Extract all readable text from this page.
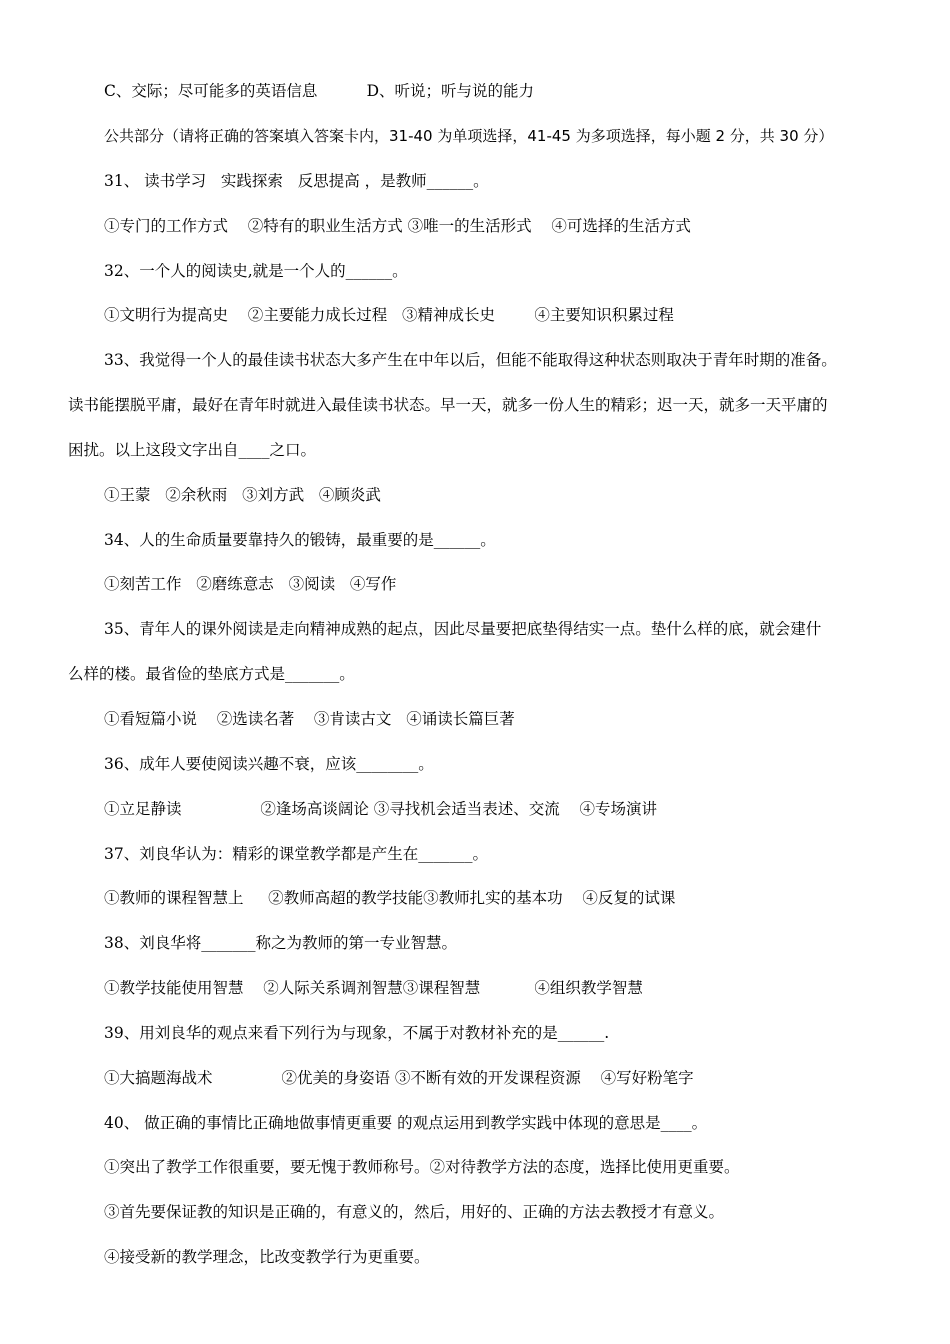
C、交际；尽可能多的英语信息          D、听说；听与说的能力
公共部分（请将正确的答案填入答案卡内，31-40 为单项选择，41-45 为多项选择，每小题 2 分，共 30 分）
31、 读书学习   实践探索   反思提高 ，是教师______。
①专门的工作方式    ②特有的职业生活方式 ③唯一的生活形式    ④可选择的生活方式
32、一个人的阅读史,就是一个人的______。
①文明行为提高史    ②主要能力成长过程   ③精神成长史        ④主要知识积累过程
33、我觉得一个人的最佳读书状态大多产生在中年以后，但能不能取得这种状态则取决于青年时期的准备。
读书能摆脱平庸，最好在青年时就进入最佳读书状态。早一天，就多一份人生的精彩；迟一天，就多一天平庸的
困扰。以上这段文字出自____之口。
①王蒙   ②余秋雨   ③刘方武   ④顾炎武
34、人的生命质量要靠持久的锻铸，最重要的是______。
①刻苦工作   ②磨练意志   ③阅读   ④写作
35、青年人的课外阅读是走向精神成熟的起点，因此尽量要把底垫得结实一点。垫什么样的底，就会建什
么样的楼。最省俭的垫底方式是_______。
①看短篇小说    ②选读名著    ③肯读古文   ④诵读长篇巨著
36、成年人要使阅读兴趣不衰，应该________。
①立足静读                ②逢场高谈阔论 ③寻找机会适当表述、交流    ④专场演讲
37、刘良华认为：精彩的课堂教学都是产生在_______。
①教师的课程智慧上     ②教师高超的教学技能③教师扎实的基本功    ④反复的试课
38、刘良华将_______称之为教师的第一专业智慧。
①教学技能使用智慧    ②人际关系调剂智慧③课程智慧           ④组织教学智慧
39、用刘良华的观点来看下列行为与现象，不属于对教材补充的是______.
①大搞题海战术              ②优美的身姿语 ③不断有效的开发课程资源    ④写好粉笔字
40、 做正确的事情比正确地做事情更重要 的观点运用到教学实践中体现的意思是____。
①突出了教学工作很重要，要无愧于教师称号。②对待教学方法的态度，选择比使用更重要。
③首先要保证教的知识是正确的，有意义的，然后，用好的、正确的方法去教授才有意义。
④接受新的教学理念，比改变教学行为更重要。
